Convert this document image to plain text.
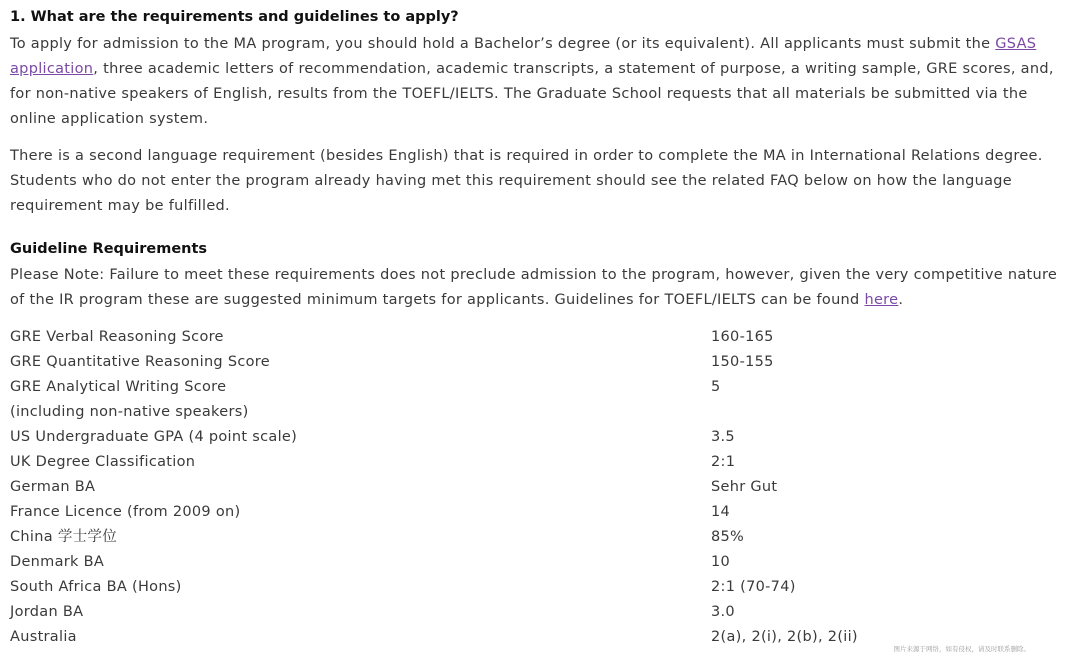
1. What are the requirements and guidelines to apply?

To apply for admission to the MA program, you should hold a Bachelor’s degree (or its equivalent). All applicants must submit the GSAS application, three academic letters of recommendation, academic transcripts, a statement of purpose, a writing sample, GRE scores, and, for non-native speakers of English, results from the TOEFL/IELTS. The Graduate School requests that all materials be submitted via the online application system.

There is a second language requirement (besides English) that is required in order to complete the MA in International Relations degree. Students who do not enter the program already having met this requirement should see the related FAQ below on how the language requirement may be fulfilled.

Guideline Requirements

Please Note: Failure to meet these requirements does not preclude admission to the program, however, given the very competitive nature of the IR program these are suggested minimum targets for applicants. Guidelines for TOEFL/IELTS can be found here.

GRE Verbal Reasoning Score	160-165
GRE Quantitative Reasoning Score	150-155
GRE Analytical Writing Score	5
(including non-native speakers)	
US Undergraduate GPA (4 point scale)	3.5
UK Degree Classification	2:1
German BA	Sehr Gut
France Licence (from 2009 on)	14
China 学士学位	85%
Denmark BA	10
South Africa BA (Hons)	2:1 (70-74)
Jordan BA	3.0
Australia	2(a), 2(i), 2(b), 2(ii)
图片来源于网络，如有侵权，请及时联系删除。
